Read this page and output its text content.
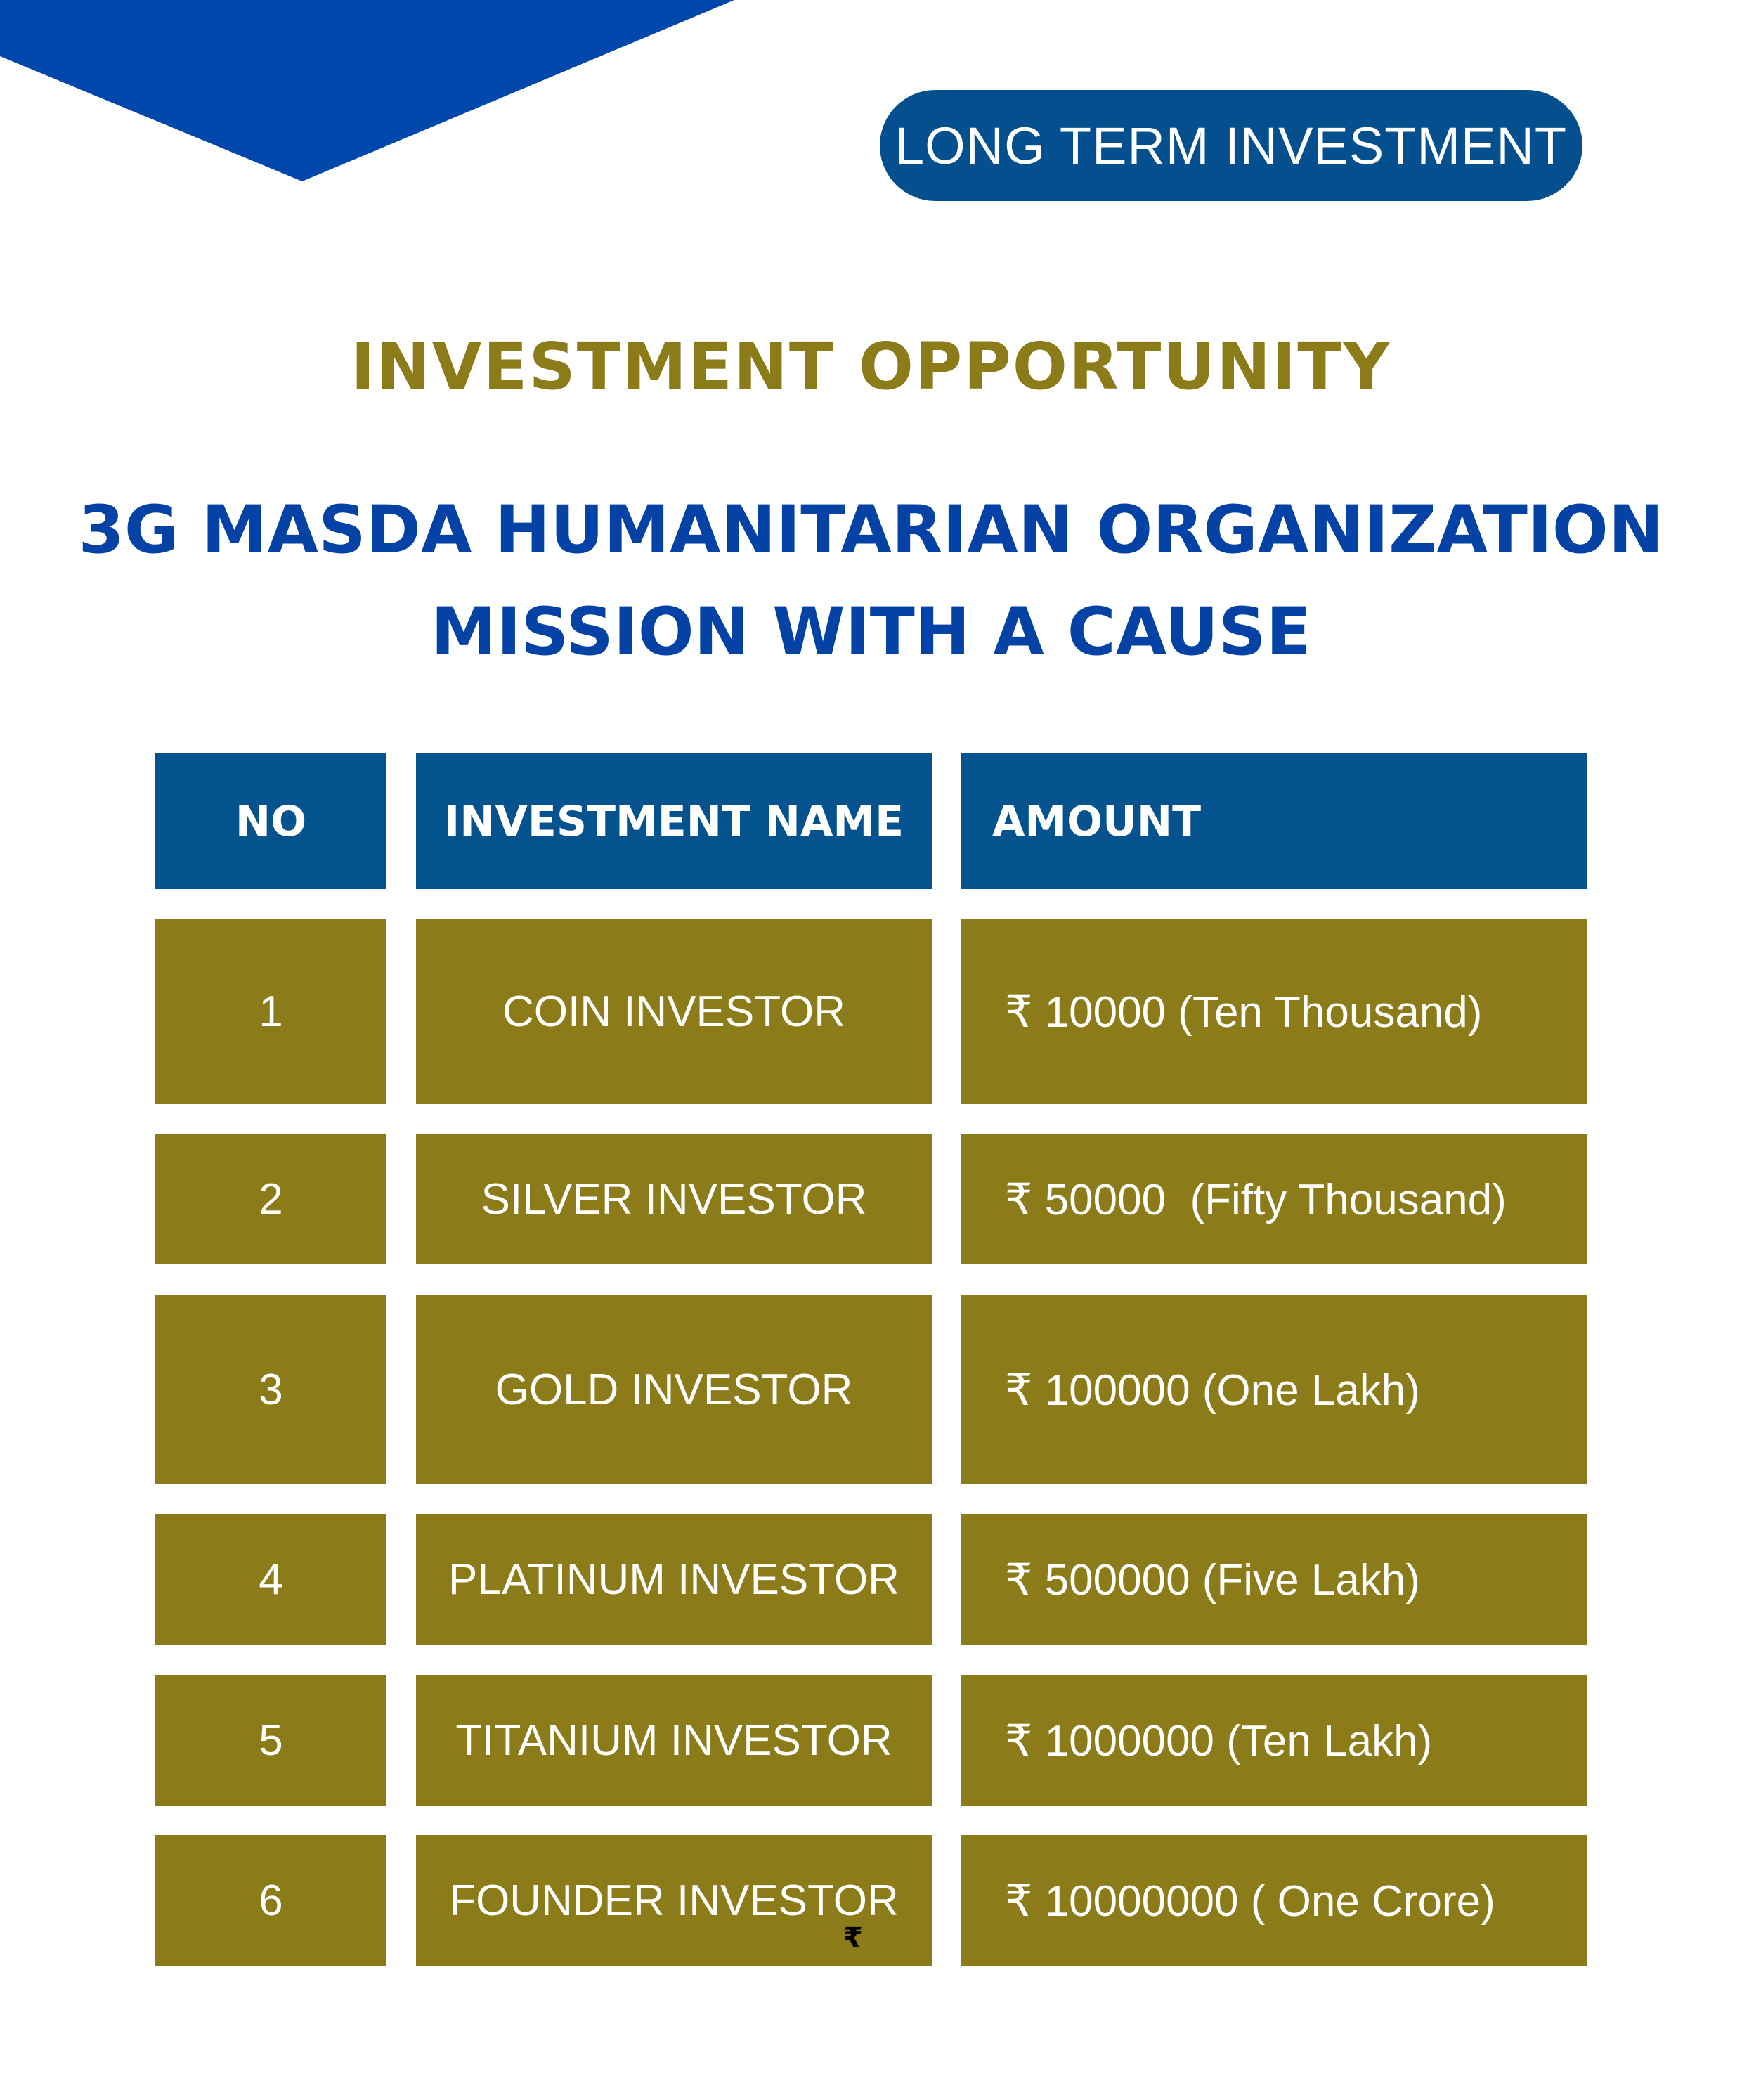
LONG TERM INVESTMENT
INVESTMENT OPPORTUNITY
3G MASDA HUMANITARIAN ORGANIZATION
MISSION WITH A CAUSE
NO	INVESTMENT NAME	AMOUNT
1	COIN INVESTOR	₹ 10000 (Ten Thousand)
2	SILVER INVESTOR	₹ 50000  (Fifty Thousand)
3	GOLD INVESTOR	₹ 100000 (One Lakh)
4	PLATINUM INVESTOR	₹ 500000 (Five Lakh)
5	TITANIUM INVESTOR	₹ 1000000 (Ten Lakh)
6	FOUNDER INVESTOR	₹ 10000000 ( One Crore)
₹
